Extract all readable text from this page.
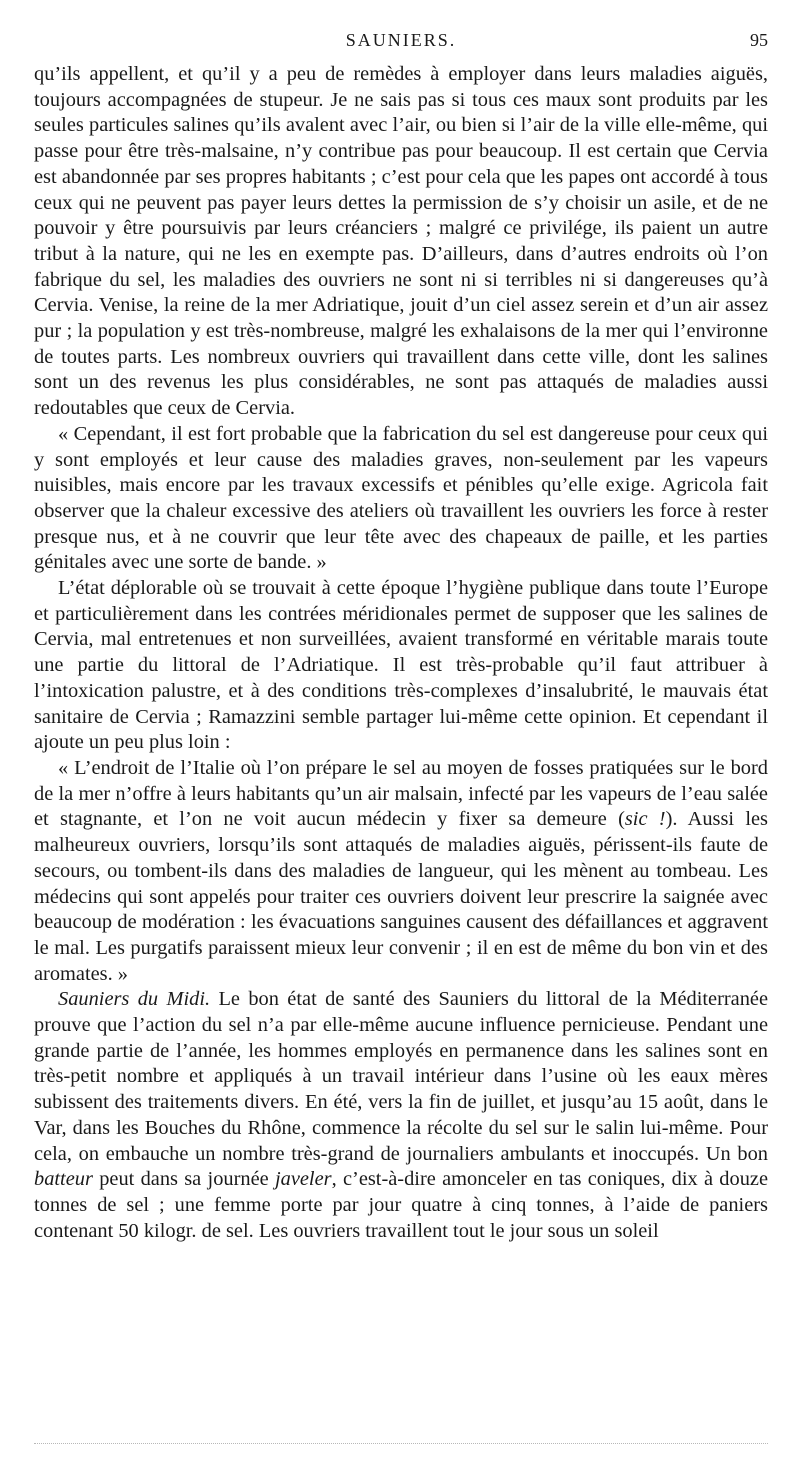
SAUNIERS.	95

qu’ils appellent, et qu’il y a peu de remèdes à employer dans leurs maladies aiguës, toujours accompagnées de stupeur. Je ne sais pas si tous ces maux sont produits par les seules particules salines qu’ils avalent avec l’air, ou bien si l’air de la ville elle-même, qui passe pour être très-malsaine, n’y contribue pas pour beaucoup. Il est certain que Cervia est abandonnée par ses propres habitants ; c’est pour cela que les papes ont accordé à tous ceux qui ne peuvent pas payer leurs dettes la permission de s’y choisir un asile, et de ne pouvoir y être poursuivis par leurs créanciers ; malgré ce privilége, ils paient un autre tribut à la nature, qui ne les en exempte pas. D’ailleurs, dans d’autres endroits où l’on fabrique du sel, les maladies des ouvriers ne sont ni si terribles ni si dangereuses qu’à Cervia. Venise, la reine de la mer Adriatique, jouit d’un ciel assez serein et d’un air assez pur ; la population y est très-nombreuse, malgré les exhalaisons de la mer qui l’environne de toutes parts. Les nombreux ouvriers qui travaillent dans cette ville, dont les salines sont un des revenus les plus considérables, ne sont pas attaqués de maladies aussi redoutables que ceux de Cervia.

« Cependant, il est fort probable que la fabrication du sel est dangereuse pour ceux qui y sont employés et leur cause des maladies graves, non-seulement par les vapeurs nuisibles, mais encore par les travaux excessifs et pénibles qu’elle exige. Agricola fait observer que la chaleur excessive des ateliers où travaillent les ouvriers les force à rester presque nus, et à ne couvrir que leur tête avec des chapeaux de paille, et les parties génitales avec une sorte de bande. »

L’état déplorable où se trouvait à cette époque l’hygiène publique dans toute l’Europe et particulièrement dans les contrées méridionales permet de supposer que les salines de Cervia, mal entretenues et non surveillées, avaient transformé en véritable marais toute une partie du littoral de l’Adriatique. Il est très-probable qu’il faut attribuer à l’intoxication palustre, et à des conditions très-complexes d’insalubrité, le mauvais état sanitaire de Cervia ; Ramazzini semble partager lui-même cette opinion. Et cependant il ajoute un peu plus loin :

« L’endroit de l’Italie où l’on prépare le sel au moyen de fosses pratiquées sur le bord de la mer n’offre à leurs habitants qu’un air malsain, infecté par les vapeurs de l’eau salée et stagnante, et l’on ne voit aucun médecin y fixer sa demeure (sic !). Aussi les malheureux ouvriers, lorsqu’ils sont attaqués de maladies aiguës, périssent-ils faute de secours, ou tombent-ils dans des maladies de langueur, qui les mènent au tombeau. Les médecins qui sont appelés pour traiter ces ouvriers doivent leur prescrire la saignée avec beaucoup de modération : les évacuations sanguines causent des défaillances et aggravent le mal. Les purgatifs paraissent mieux leur convenir ; il en est de même du bon vin et des aromates. »

Sauniers du Midi. Le bon état de santé des Sauniers du littoral de la Méditerranée prouve que l’action du sel n’a par elle-même aucune influence pernicieuse. Pendant une grande partie de l’année, les hommes employés en permanence dans les salines sont en très-petit nombre et appliqués à un travail intérieur dans l’usine où les eaux mères subissent des traitements divers. En été, vers la fin de juillet, et jusqu’au 15 août, dans le Var, dans les Bouches du Rhône, commence la récolte du sel sur le salin lui-même. Pour cela, on embauche un nombre très-grand de journaliers ambulants et inoccupés. Un bon batteur peut dans sa journée javeler, c’est-à-dire amonceler en tas coniques, dix à douze tonnes de sel ; une femme porte par jour quatre à cinq tonnes, à l’aide de paniers contenant 50 kilogr. de sel. Les ouvriers travaillent tout le jour sous un soleil
